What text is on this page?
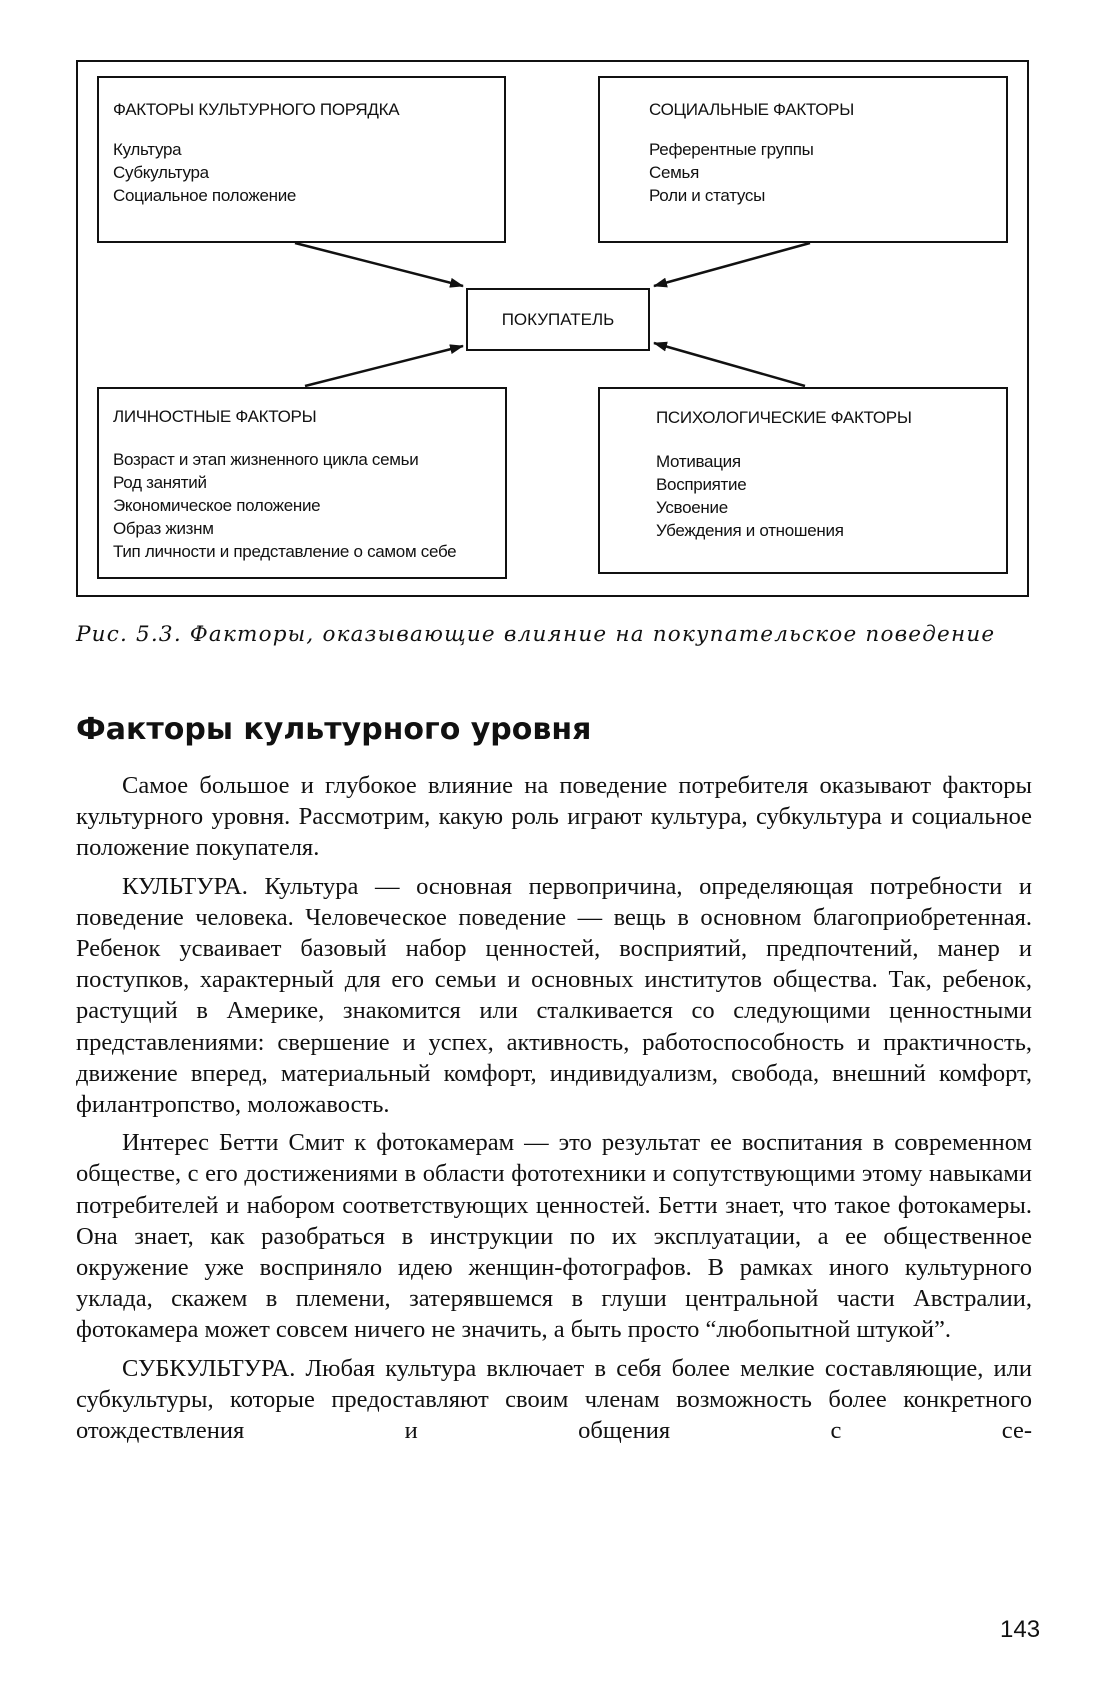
ФАКТОРЫ КУЛЬТУРНОГО ПОРЯДКА
Культура
Субкультура
Социальное положение
СОЦИАЛЬНЫЕ ФАКТОРЫ
Референтные группы
Семья
Роли и статусы
ПОКУПАТЕЛЬ
ЛИЧНОСТНЫЕ ФАКТОРЫ
Возраст и этап жизненного цикла семьи
Род занятий
Экономическое положение
Образ жизнм
Тип личности и представление о самом себе
ПСИХОЛОГИЧЕСКИЕ ФАКТОРЫ
Мотивация
Восприятие
Усвоение
Убеждения и отношения
Рис. 5.3. Факторы, оказывающие влияние на покупательское поведение
Факторы культурного уровня

Самое большое и глубокое влияние на поведение потребителя оказывают факторы культурного уровня. Рассмотрим, какую роль играют культура, субкультура и социальное положение покупателя.

КУЛЬТУРА. Культура — основная первопричина, определяющая потребности и поведение человека. Человеческое поведение — вещь в основном благоприобретенная. Ребенок усваивает базовый набор ценностей, восприятий, предпочтений, манер и поступков, характерный для его семьи и основных институтов общества. Так, ребенок, растущий в Америке, знакомится или сталкивается со следующими ценностными представлениями: свершение и успех, активность, работоспособность и практичность, движение вперед, материальный комфорт, индивидуализм, свобода, внешний комфорт, филантропство, моложавость.

Интерес Бетти Смит к фотокамерам — это результат ее воспитания в современном обществе, с его достижениями в области фототехники и сопутствующими этому навыками потребителей и набором соответствующих ценностей. Бетти знает, что такое фотокамеры. Она знает, как разобраться в инструкции по их эксплуатации, а ее общественное окружение уже восприняло идею женщин-фотографов. В рамках иного культурного уклада, скажем в племени, затерявшемся в глуши центральной части Австралии, фотокамера может совсем ничего не значить, а быть просто “любопытной штукой”.

СУБКУЛЬТУРА. Любая культура включает в себя более мелкие составляющие, или субкультуры, которые предоставляют своим членам возможность более конкретного отождествления и общения с се-

143
